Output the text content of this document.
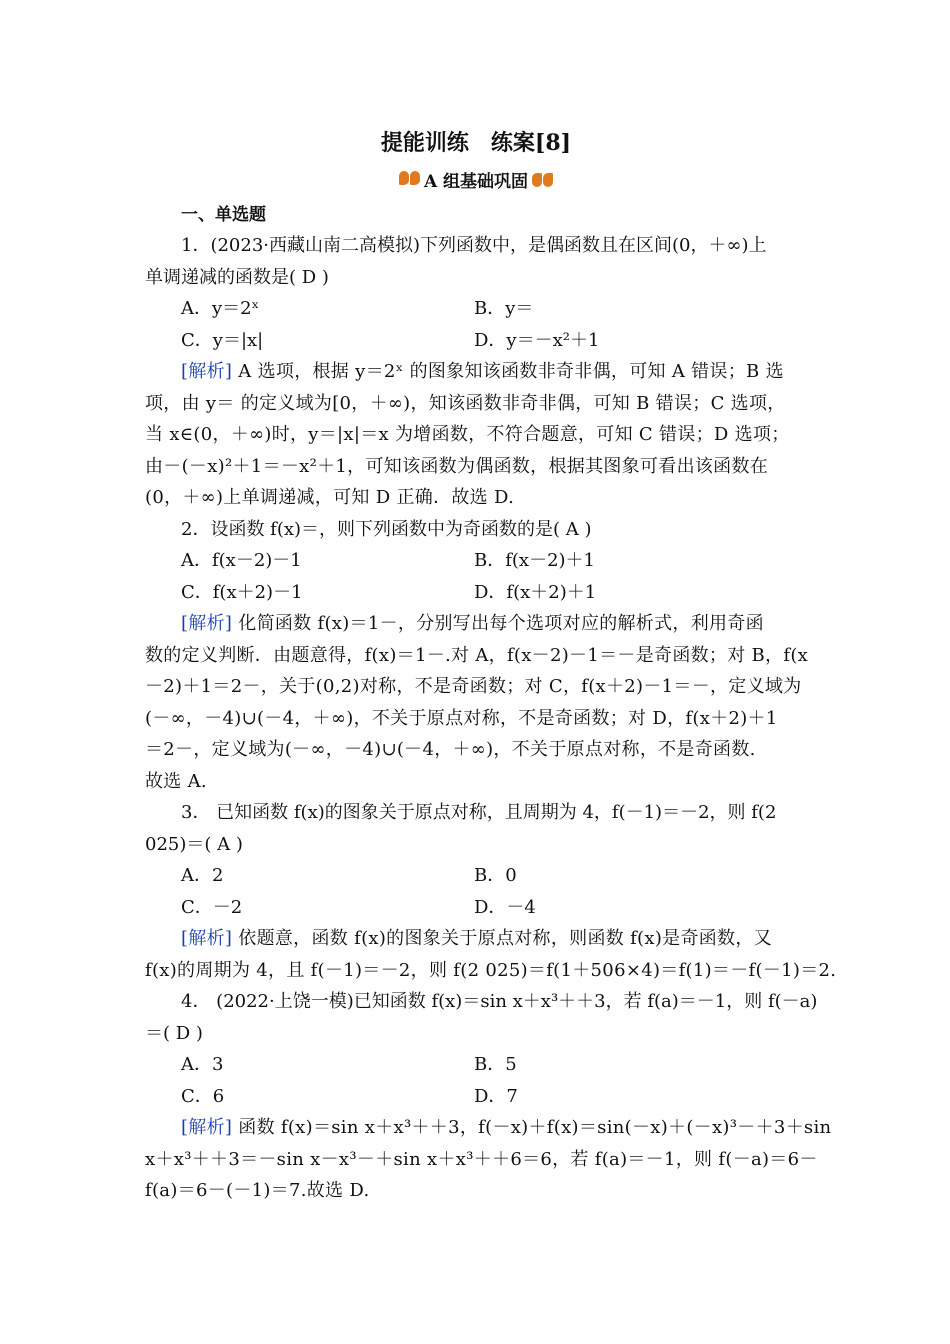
提能训练　练案[8]
A 组基础巩固
一、单选题
1．(2023·西藏山南二高模拟)下列函数中，是偶函数且在区间(0，＋∞)上
单调递减的函数是( D )
A．y＝2ˣ	B．y＝
C．y＝|x|	D．y＝－x²＋1
[解析] A 选项，根据 y＝2ˣ 的图象知该函数非奇非偶，可知 A 错误；B 选
项，由 y＝ 的定义域为[0，＋∞)，知该函数非奇非偶，可知 B 错误；C 选项，
当 x∈(0，＋∞)时，y＝|x|＝x 为增函数，不符合题意，可知 C 错误；D 选项；
由－(－x)²＋1＝－x²＋1，可知该函数为偶函数，根据其图象可看出该函数在
(0，＋∞)上单调递减，可知 D 正确．故选 D.
2．设函数 f(x)＝，则下列函数中为奇函数的是( A )
A．f(x－2)－1	B．f(x－2)＋1
C．f(x＋2)－1	D．f(x＋2)＋1
[解析] 化简函数 f(x)＝1－，分别写出每个选项对应的解析式，利用奇函
数的定义判断．由题意得，f(x)＝1－.对 A，f(x－2)－1＝－是奇函数；对 B，f(x
－2)＋1＝2－，关于(0,2)对称，不是奇函数；对 C，f(x＋2)－1＝－，定义域为
(－∞，－4)∪(－4，＋∞)，不关于原点对称，不是奇函数；对 D，f(x＋2)＋1
＝2－，定义域为(－∞，－4)∪(－4，＋∞)，不关于原点对称，不是奇函数.
故选 A.
3． 已知函数 f(x)的图象关于原点对称，且周期为 4，f(－1)＝－2，则 f(2
025)＝( A )
A．2	B．0
C．－2	D．－4
[解析] 依题意，函数 f(x)的图象关于原点对称，则函数 f(x)是奇函数，又
f(x)的周期为 4，且 f(－1)＝－2，则 f(2 025)＝f(1＋506×4)＝f(1)＝－f(－1)＝2.
4． (2022·上饶一模)已知函数 f(x)＝sin x＋x³＋＋3，若 f(a)＝－1，则 f(－a)
＝( D )
A．3	B．5
C．6	D．7
[解析] 函数 f(x)＝sin x＋x³＋＋3，f(－x)＋f(x)＝sin(－x)＋(－x)³－＋3＋sin
x＋x³＋＋3＝－sin x－x³－＋sin x＋x³＋＋6＝6，若 f(a)＝－1，则 f(－a)＝6－
f(a)＝6－(－1)＝7.故选 D.
